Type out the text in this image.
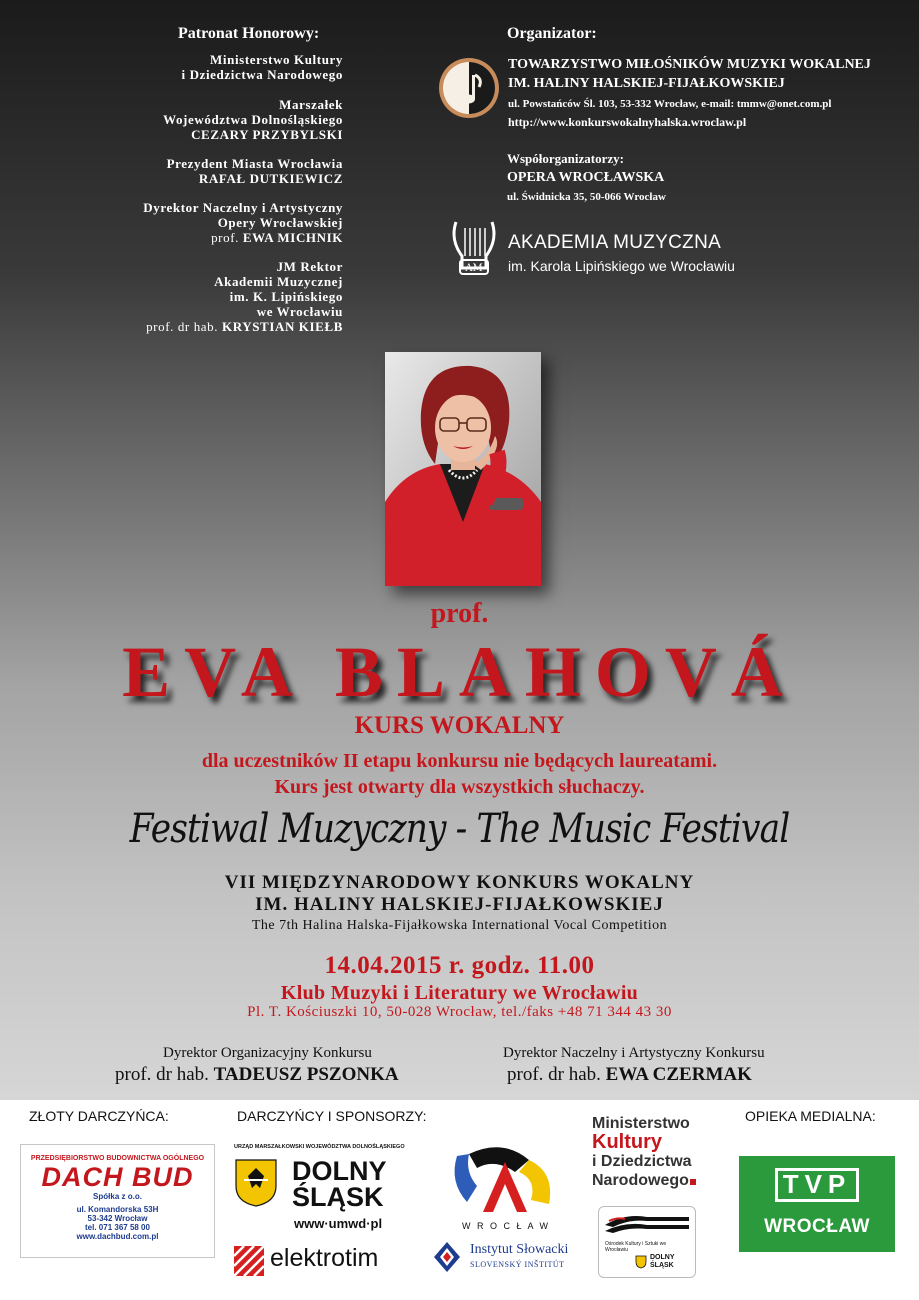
Patronat Honorowy:
Ministerstwo Kultury
i Dziedzictwa Narodowego
Marszałek
Województwa Dolnośląskiego
CEZARY PRZYBYLSKI
Prezydent Miasta Wrocławia
RAFAŁ DUTKIEWICZ
Dyrektor Naczelny i Artystyczny
Opery Wrocławskiej
prof. EWA MICHNIK
JM Rektor
Akademii Muzycznej
im. K. Lipińskiego
we Wrocławiu
prof. dr hab. KRYSTIAN KIEŁB
Organizator:
TOWARZYSTWO MIŁOŚNIKÓW MUZYKI WOKALNEJ
IM. HALINY HALSKIEJ-FIJAŁKOWSKIEJ
ul. Powstańców Śl. 103, 53-332 Wrocław, e-mail: tmmw@onet.com.pl
http://www.konkurswokalnyhalska.wroclaw.pl
Współorganizatorzy:
OPERA WROCŁAWSKA
ul. Świdnicka 35, 50-066 Wrocław
AM
AKADEMIA MUZYCZNA
im. Karola Lipińskiego we Wrocławiu
prof.
EVA BLAHOVÁ
KURS WOKALNY
dla uczestników II etapu konkursu nie będących laureatami.
Kurs jest otwarty dla wszystkich słuchaczy.
Festiwal Muzyczny - The Music Festival
VII MIĘDZYNARODOWY KONKURS WOKALNY
IM. HALINY HALSKIEJ-FIJAŁKOWSKIEJ
The 7th Halina Halska-Fijałkowska International Vocal Competition
14.04.2015 r. godz. 11.00
Klub Muzyki i Literatury we Wrocławiu
Pl. T. Kościuszki 10, 50-028 Wrocław, tel./faks +48 71 344 43 30
Dyrektor Organizacyjny Konkursu
prof. dr hab. TADEUSZ PSZONKA
Dyrektor Naczelny i Artystyczny Konkursu
prof. dr hab. EWA CZERMAK
ZŁOTY DARCZYŃCA:	DARCZYŃCY I SPONSORZY:	OPIEKA MEDIALNA:
PRZEDSIĘBIORSTWO BUDOWNICTWA OGÓLNEGO
DACH BUD
Spółka z o.o.
ul. Komandorska 53H
53-342 Wrocław
tel. 071 367 58 00
www.dachbud.com.pl
URZĄD MARSZAŁKOWSKI WOJEWÓDZTWA DOLNOŚLĄSKIEGO
DOLNY
ŚLĄSK
www·umwd·pl
elektrotim
W R O C Ł A W
Instytut Słowacki
SLOVENSKÝ INŠTITÚT
Ministerstwo
Kultury
i Dziedzictwa
Narodowego
Ośrodek Kultury i Sztuki we Wrocławiu
DOLNY
ŚLĄSK
TVP
WROCŁAW
